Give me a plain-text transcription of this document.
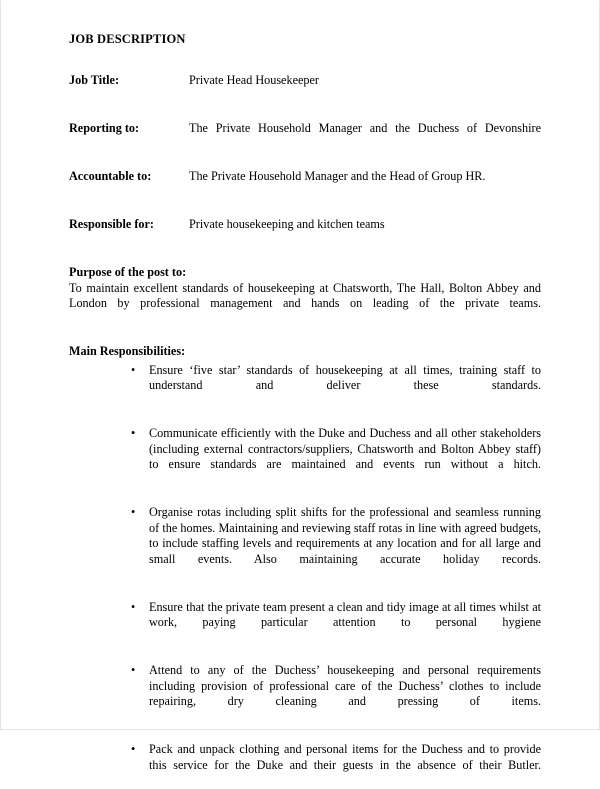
JOB DESCRIPTION
Job Title:	Private Head Housekeeper
Reporting to:	The Private Household Manager and the Duchess of Devonshire
Accountable to:	The Private Household Manager and the Head of Group HR.
Responsible for:	Private housekeeping and kitchen teams
Purpose of the post to:
To maintain excellent standards of housekeeping at Chatsworth, The Hall, Bolton Abbey and London by professional management and hands on leading of the private teams.
Main Responsibilities:
• Ensure ‘five star’ standards of housekeeping at all times, training staff to understand and deliver these standards.
• Communicate efficiently with the Duke and Duchess and all other stakeholders (including external contractors/suppliers, Chatsworth and Bolton Abbey staff) to ensure standards are maintained and events run without a hitch.
• Organise rotas including split shifts for the professional and seamless running of the homes. Maintaining and reviewing staff rotas in line with agreed budgets, to include staffing levels and requirements at any location and for all large and small events. Also maintaining accurate holiday records.
• Ensure that the private team present a clean and tidy image at all times whilst at work, paying particular attention to personal hygiene
• Attend to any of the Duchess’ housekeeping and personal requirements including provision of professional care of the Duchess’ clothes to include repairing, dry cleaning and pressing of items.
• Pack and unpack clothing and personal items for the Duchess and to provide this service for the Duke and their guests in the absence of their Butler.
